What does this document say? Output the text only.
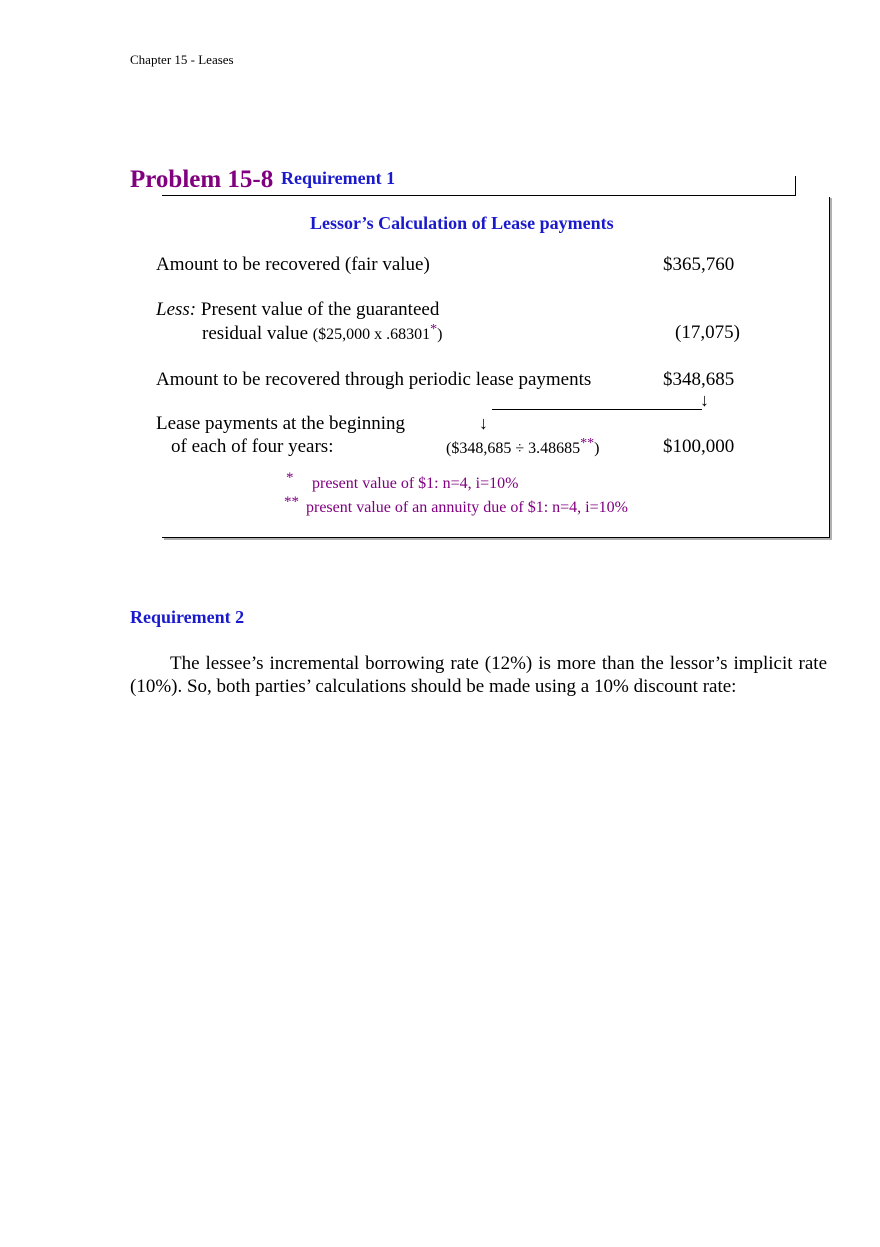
Chapter 15 - Leases
Problem 15-8 Requirement 1
Lessor’s Calculation of Lease payments
Amount to be recovered (fair value)	$365,760
Less: Present value of the guaranteed
residual value ($25,000 x .68301*)	(17,075)
Amount to be recovered through periodic lease payments	$348,685
↓
↓
Lease payments at the beginning
of each of four years:	($348,685 ÷ 3.48685**)	$100,000
* present value of $1: n=4, i=10%
** present value of an annuity due of $1: n=4, i=10%
Requirement 2
The lessee’s incremental borrowing rate (12%) is more than the lessor’s implicit rate (10%). So, both parties’ calculations should be made using a 10% discount rate:
